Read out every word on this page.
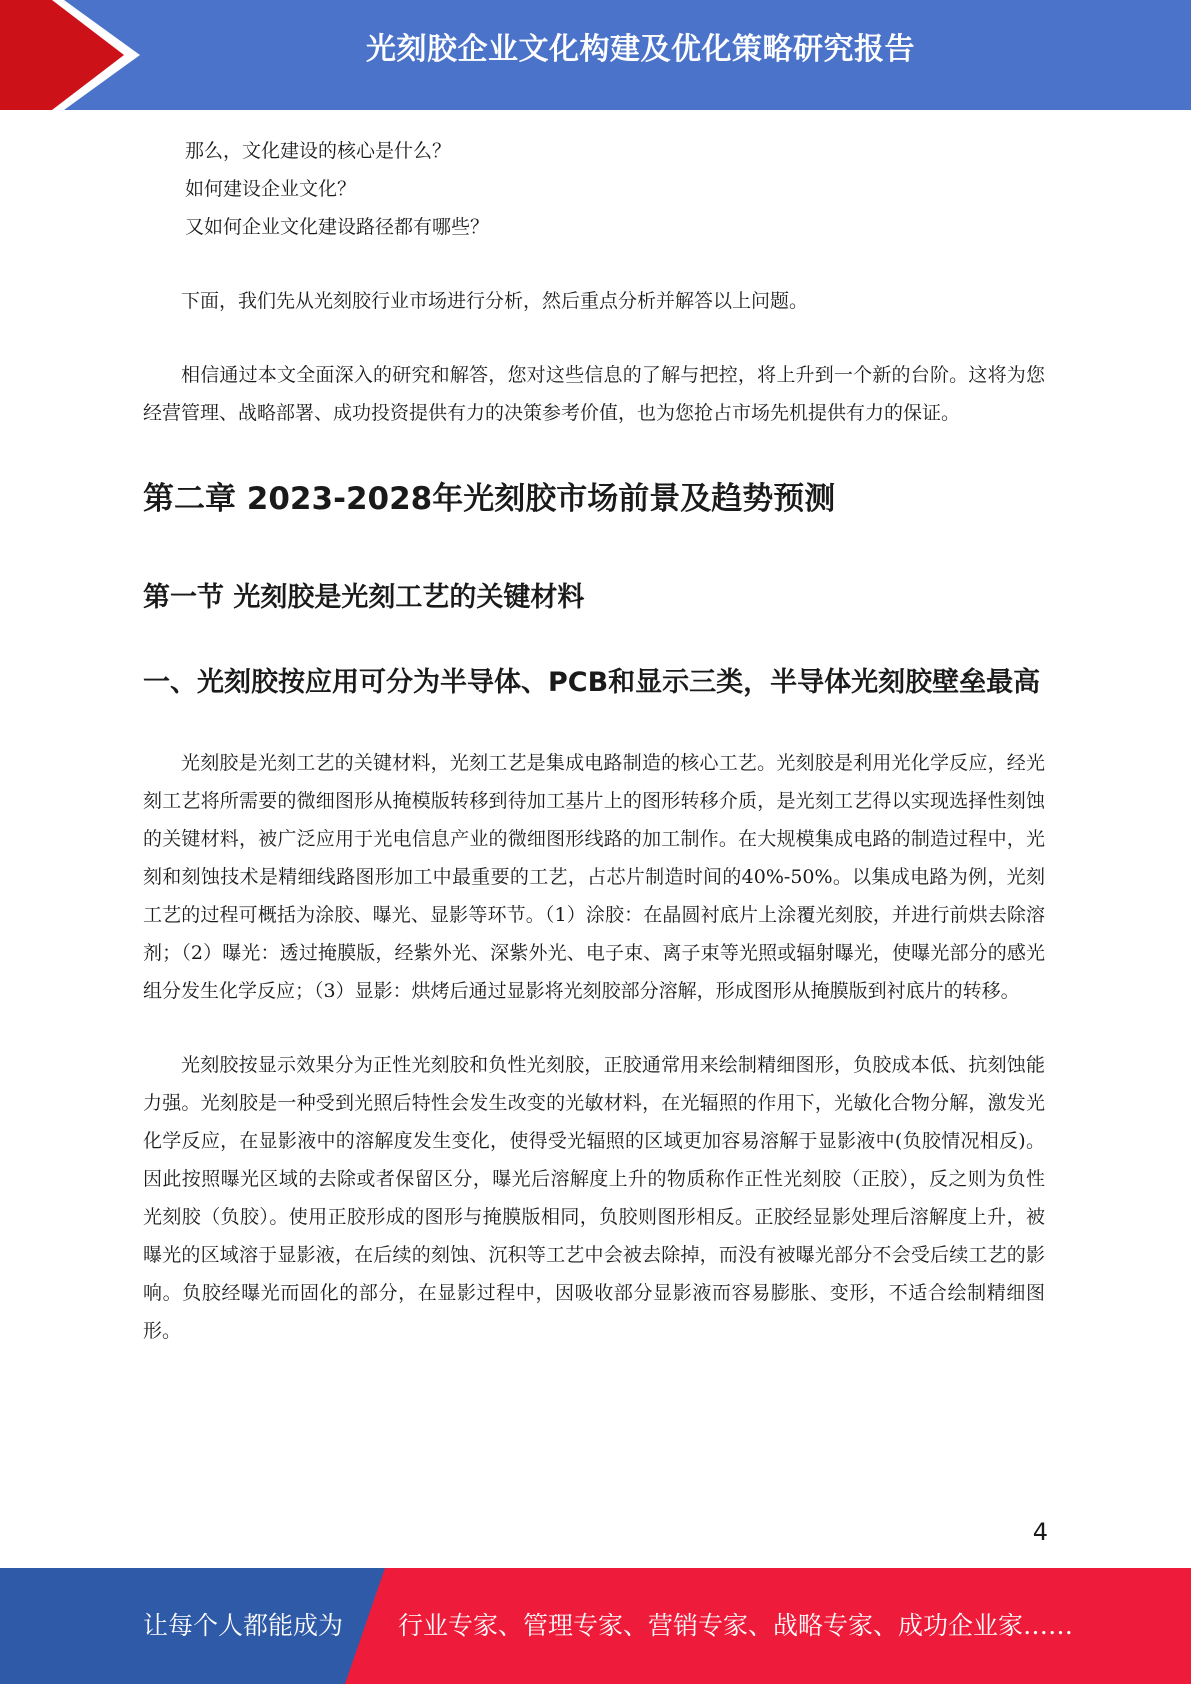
光刻胶企业文化构建及优化策略研究报告

那么，文化建设的核心是什么？

如何建设企业文化？

又如何企业文化建设路径都有哪些？

下面，我们先从光刻胶行业市场进行分析，然后重点分析并解答以上问题。

相信通过本文全面深入的研究和解答，您对这些信息的了解与把控，将上升到一个新的台阶。这将为您经营管理、战略部署、成功投资提供有力的决策参考价值，也为您抢占市场先机提供有力的保证。

第二章 2023-2028年光刻胶市场前景及趋势预测
第一节 光刻胶是光刻工艺的关键材料
一、光刻胶按应用可分为半导体、PCB和显示三类，半导体光刻胶壁垒最高

光刻胶是光刻工艺的关键材料，光刻工艺是集成电路制造的核心工艺。光刻胶是利用光化学反应，经光刻工艺将所需要的微细图形从掩模版转移到待加工基片上的图形转移介质，是光刻工艺得以实现选择性刻蚀的关键材料，被广泛应用于光电信息产业的微细图形线路的加工制作。在大规模集成电路的制造过程中，光刻和刻蚀技术是精细线路图形加工中最重要的工艺，占芯片制造时间的40%-50%。以集成电路为例，光刻工艺的过程可概括为涂胶、曝光、显影等环节。（1）涂胶：在晶圆衬底片上涂覆光刻胶，并进行前烘去除溶剂；（2）曝光：透过掩膜版，经紫外光、深紫外光、电子束、离子束等光照或辐射曝光，使曝光部分的感光组分发生化学反应；（3）显影：烘烤后通过显影将光刻胶部分溶解，形成图形从掩膜版到衬底片的转移。

光刻胶按显示效果分为正性光刻胶和负性光刻胶，正胶通常用来绘制精细图形，负胶成本低、抗刻蚀能力强。光刻胶是一种受到光照后特性会发生改变的光敏材料，在光辐照的作用下，光敏化合物分解，激发光化学反应，在显影液中的溶解度发生变化，使得受光辐照的区域更加容易溶解于显影液中(负胶情况相反)。因此按照曝光区域的去除或者保留区分，曝光后溶解度上升的物质称作正性光刻胶（正胶），反之则为负性光刻胶（负胶）。使用正胶形成的图形与掩膜版相同，负胶则图形相反。正胶经显影处理后溶解度上升，被曝光的区域溶于显影液，在后续的刻蚀、沉积等工艺中会被去除掉，而没有被曝光部分不会受后续工艺的影响。负胶经曝光而固化的部分，在显影过程中，因吸收部分显影液而容易膨胀、变形，不适合绘制精细图形。

4
让每个人都能成为 行业专家、管理专家、营销专家、战略专家、成功企业家……
